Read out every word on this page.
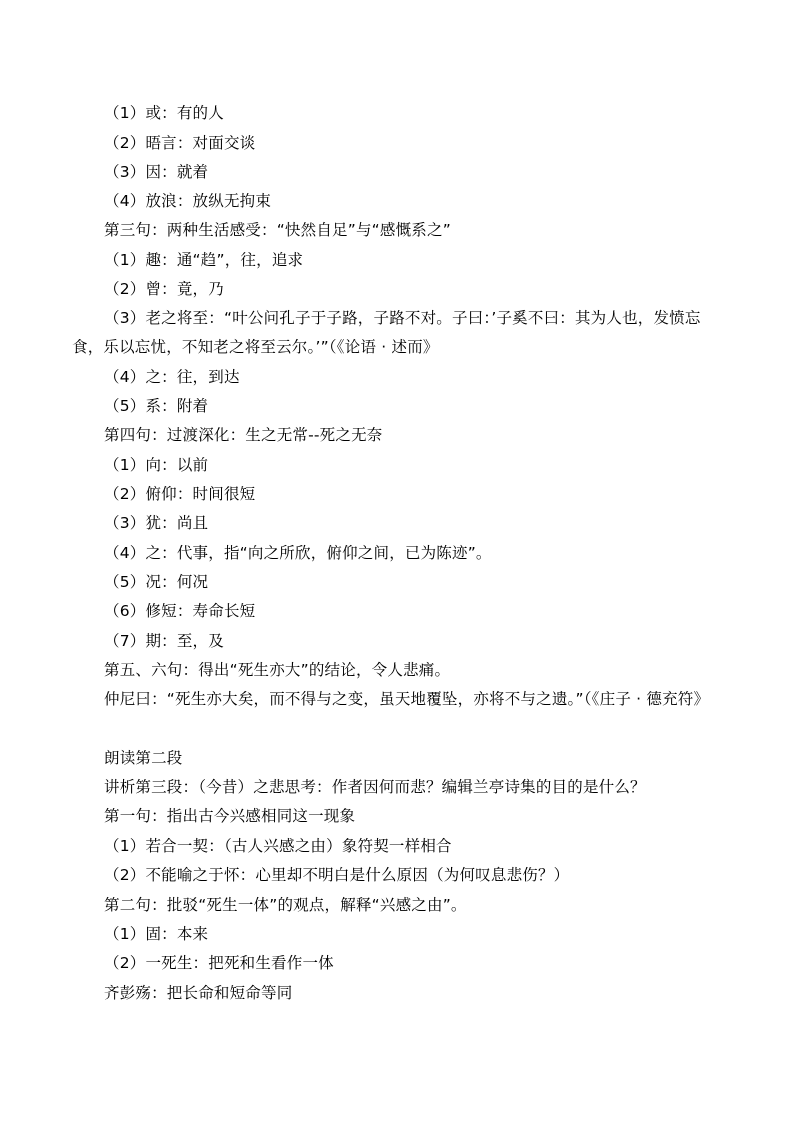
（1）或：有的人
（2）晤言：对面交谈
（3）因：就着
（4）放浪：放纵无拘束
第三句：两种生活感受：“快然自足”与“感慨系之”
（1）趣：通“趋”，往，追求
（2）曾：竟，乃
（3）老之将至：“叶公问孔子于子路，子路不对。子曰：’子奚不曰：其为人也，发愤忘食，乐以忘忧，不知老之将至云尔。’”（《论语 · 述而》
（4）之：往，到达
（5）系：附着
第四句：过渡深化：生之无常--死之无奈
（1）向：以前
（2）俯仰：时间很短
（3）犹：尚且
（4）之：代事，指“向之所欣，俯仰之间，已为陈迹”。
（5）况：何况
（6）修短：寿命长短
（7）期：至，及
第五、六句：得出“死生亦大”的结论，令人悲痛。
仲尼曰：“死生亦大矣，而不得与之变，虽天地覆坠，亦将不与之遗。”（《庄子 · 德充符》
朗读第二段
讲析第三段：（今昔）之悲思考：作者因何而悲？编辑兰亭诗集的目的是什么？
第一句：指出古今兴感相同这一现象
（1）若合一契：（古人兴感之由）象符契一样相合
（2）不能喻之于怀：心里却不明白是什么原因（为何叹息悲伤？）
第二句：批驳“死生一体”的观点，解释“兴感之由”。
（1）固：本来
（2）一死生：把死和生看作一体
齐彭殇：把长命和短命等同
